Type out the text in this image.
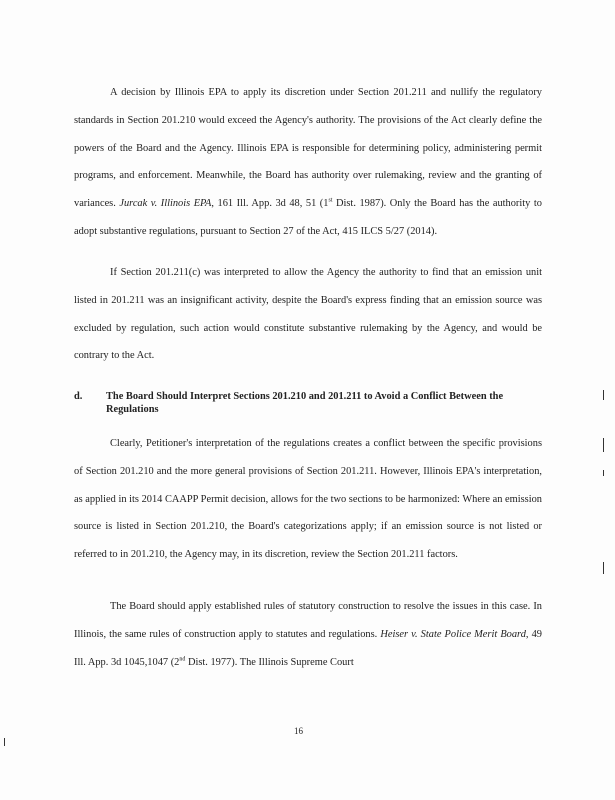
A decision by Illinois EPA to apply its discretion under Section 201.211 and nullify the regulatory standards in Section 201.210 would exceed the Agency's authority. The provisions of the Act clearly define the powers of the Board and the Agency. Illinois EPA is responsible for determining policy, administering permit programs, and enforcement. Meanwhile, the Board has authority over rulemaking, review and the granting of variances. Jurcak v. Illinois EPA, 161 Ill. App. 3d 48, 51 (1st Dist. 1987). Only the Board has the authority to adopt substantive regulations, pursuant to Section 27 of the Act, 415 ILCS 5/27 (2014).

If Section 201.211(c) was interpreted to allow the Agency the authority to find that an emission unit listed in 201.211 was an insignificant activity, despite the Board's express finding that an emission source was excluded by regulation, such action would constitute substantive rulemaking by the Agency, and would be contrary to the Act.

d. The Board Should Interpret Sections 201.210 and 201.211 to Avoid a Conflict Between the Regulations

Clearly, Petitioner's interpretation of the regulations creates a conflict between the specific provisions of Section 201.210 and the more general provisions of Section 201.211. However, Illinois EPA's interpretation, as applied in its 2014 CAAPP Permit decision, allows for the two sections to be harmonized: Where an emission source is listed in Section 201.210, the Board's categorizations apply; if an emission source is not listed or referred to in 201.210, the Agency may, in its discretion, review the Section 201.211 factors.

The Board should apply established rules of statutory construction to resolve the issues in this case. In Illinois, the same rules of construction apply to statutes and regulations. Heiser v. State Police Merit Board, 49 Ill. App. 3d 1045,1047 (2nd Dist. 1977). The Illinois Supreme Court

16
